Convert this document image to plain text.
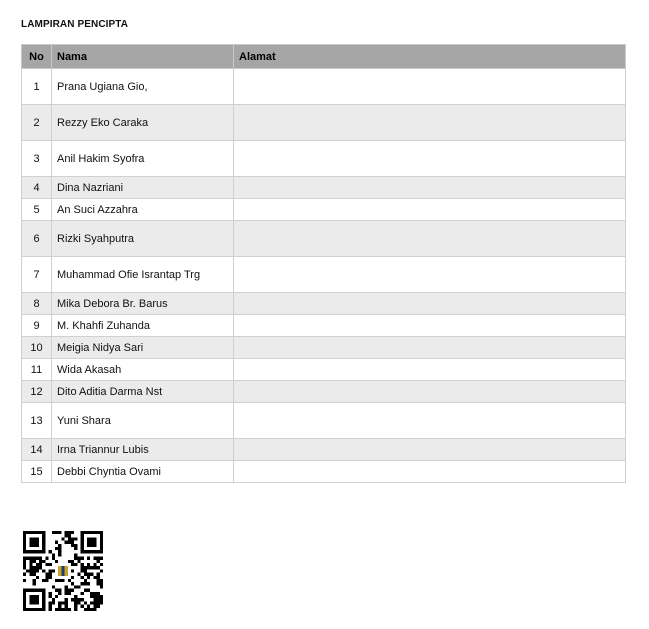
LAMPIRAN PENCIPTA
No	Nama	Alamat
1	Prana Ugiana Gio,	
2	Rezzy Eko Caraka	
3	Anil Hakim Syofra	
4	Dina Nazriani	
5	An Suci Azzahra	
6	Rizki Syahputra	
7	Muhammad Ofie Israntap Trg	
8	Mika Debora Br. Barus	
9	M. Khahfi Zuhanda	
10	Meigia Nidya Sari	
11	Wida Akasah	
12	Dito Aditia Darma Nst	
13	Yuni Shara	
14	Irna Triannur Lubis	
15	Debbi Chyntia Ovami	
